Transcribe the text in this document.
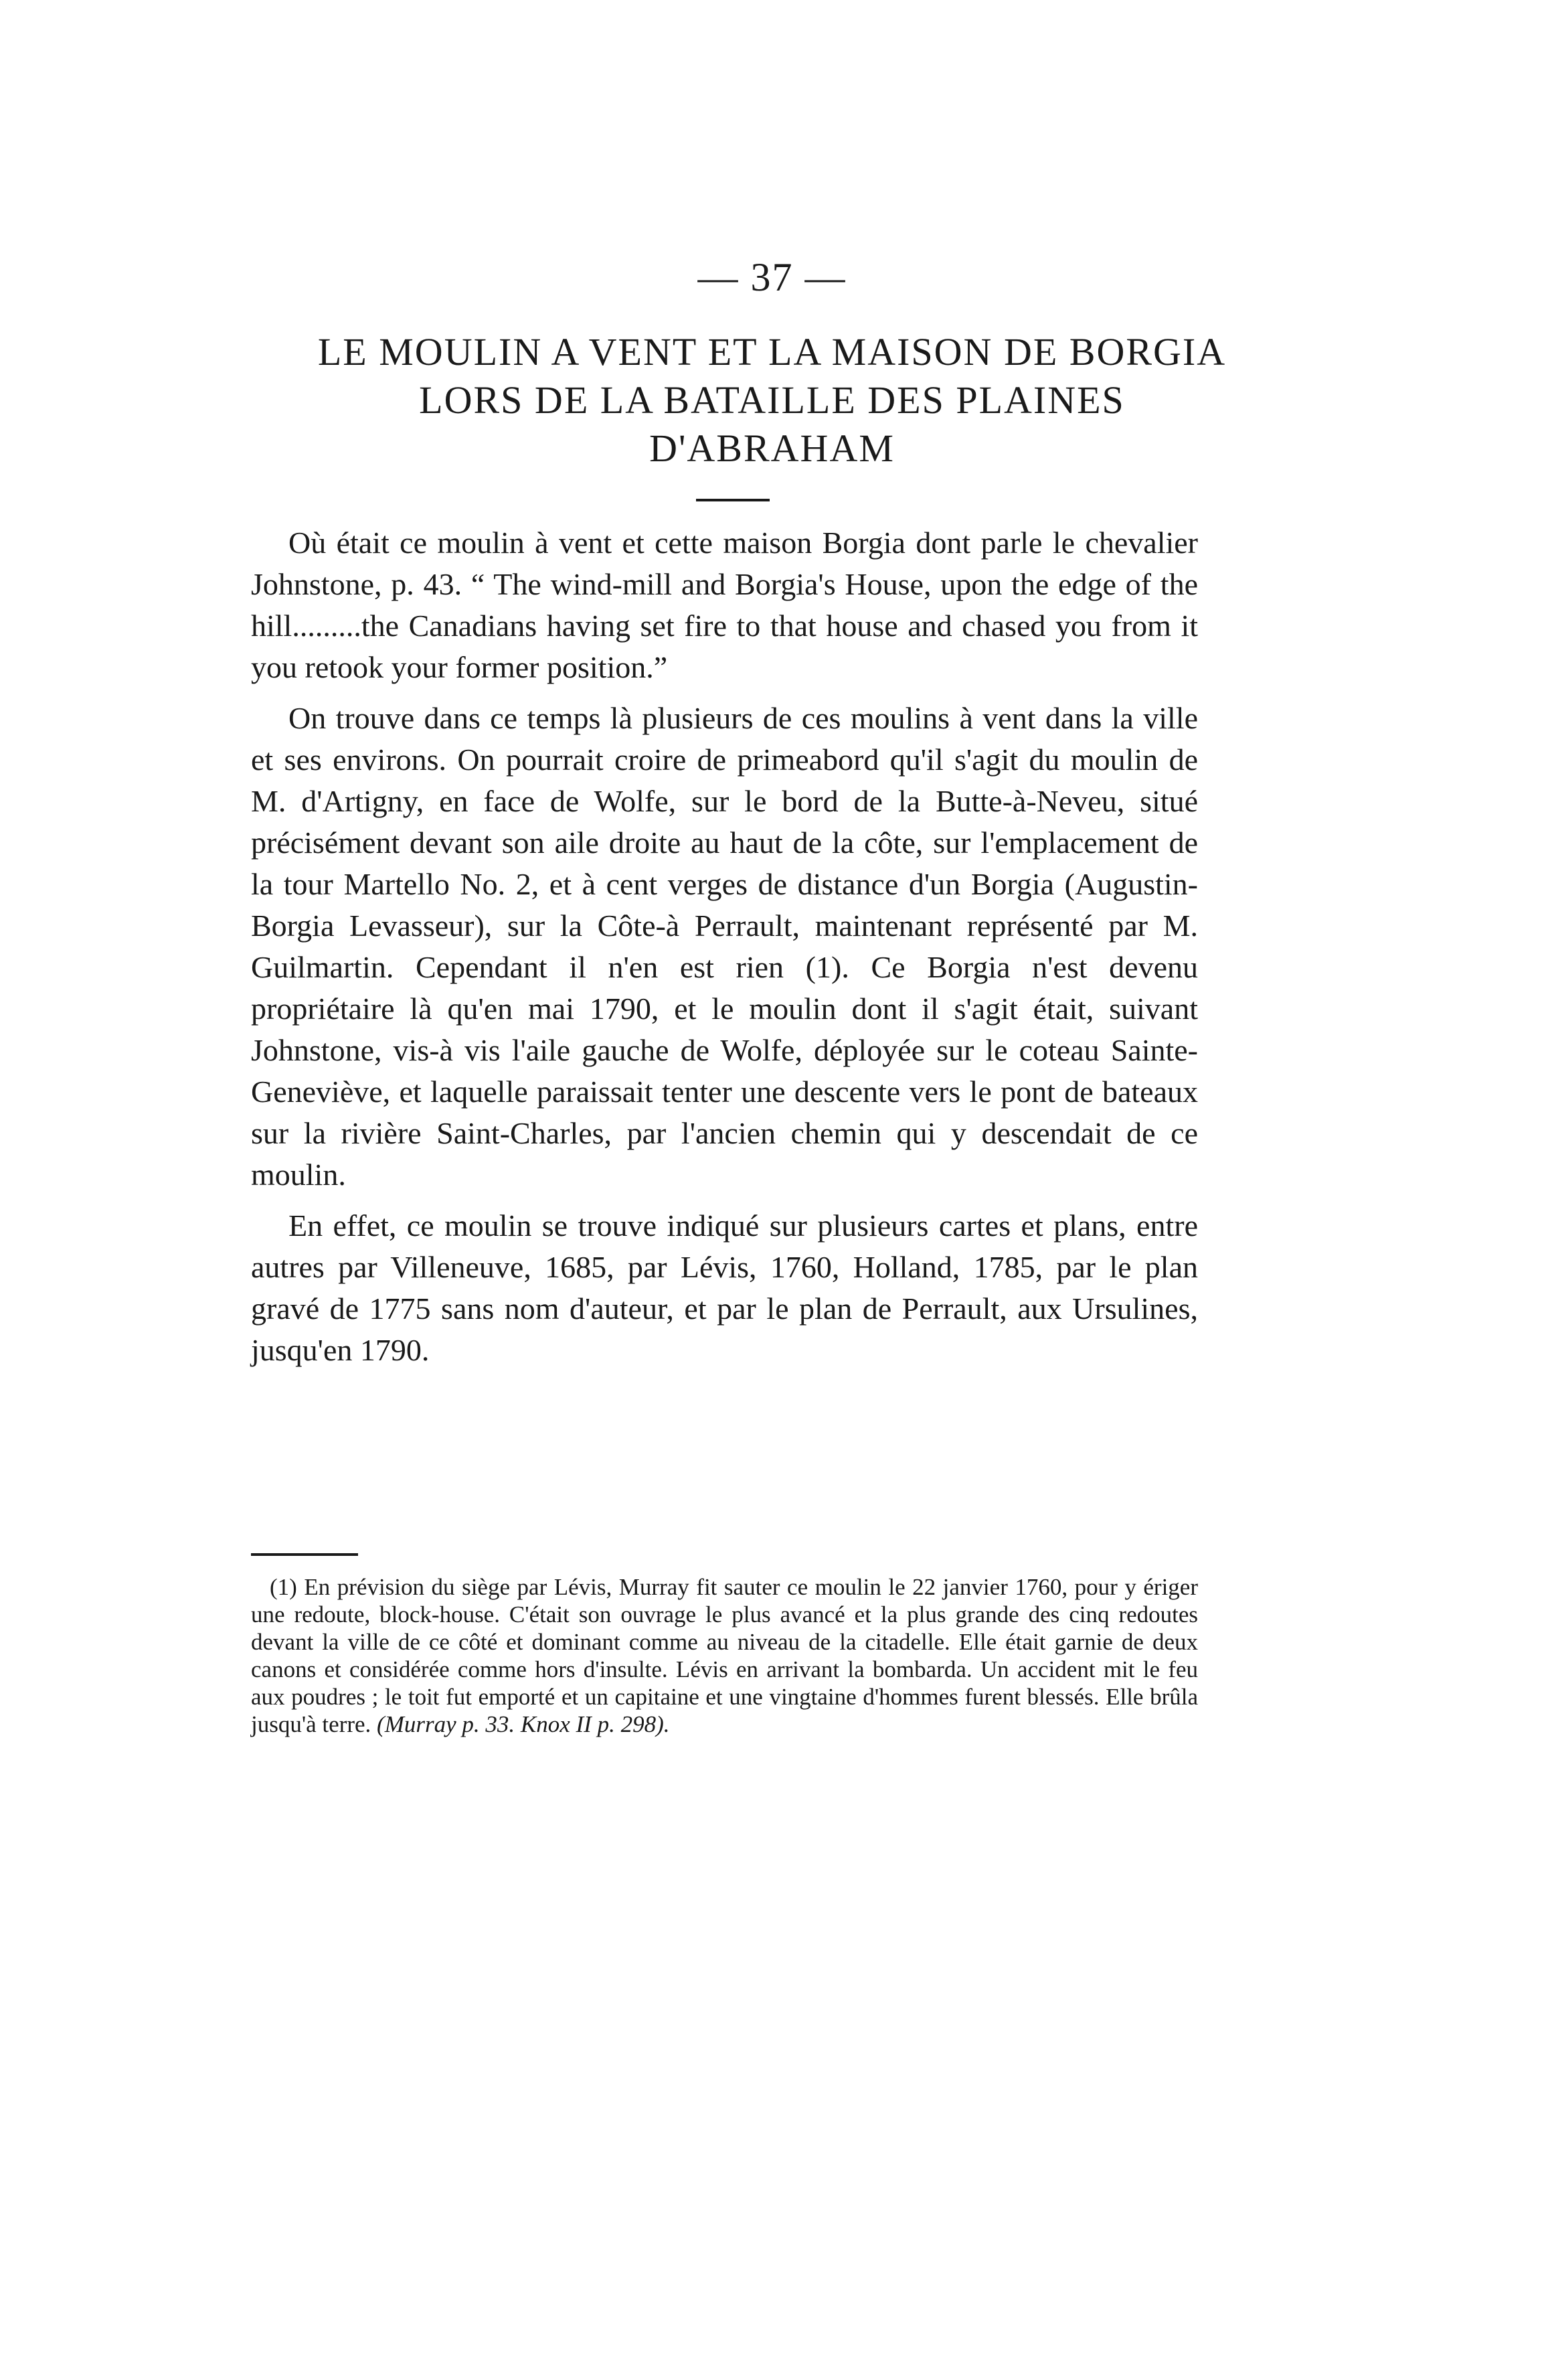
— 37 —
LE MOULIN A VENT ET LA MAISON DE BORGIA
LORS DE LA BATAILLE DES PLAINES
D'ABRAHAM

Où était ce moulin à vent et cette maison Borgia dont parle le chevalier Johnstone, p. 43. “ The wind-mill and Borgia's House, upon the edge of the hill.........the Canadians having set fire to that house and chased you from it you retook your former position.”

On trouve dans ce temps là plusieurs de ces moulins à vent dans la ville et ses environs. On pourrait croire de primeabord qu'il s'agit du moulin de M. d'Artigny, en face de Wolfe, sur le bord de la Butte-à-Neveu, situé précisément devant son aile droite au haut de la côte, sur l'emplacement de la tour Martello No. 2, et à cent verges de distance d'un Borgia (Augustin-Borgia Levasseur), sur la Côte-à Perrault, maintenant représenté par M. Guilmartin. Cependant il n'en est rien (1). Ce Borgia n'est devenu propriétaire là qu'en mai 1790, et le moulin dont il s'agit était, suivant Johnstone, vis-à vis l'aile gauche de Wolfe, déployée sur le coteau Sainte-Geneviève, et laquelle paraissait tenter une descente vers le pont de bateaux sur la rivière Saint-Charles, par l'ancien chemin qui y descendait de ce moulin.

En effet, ce moulin se trouve indiqué sur plusieurs cartes et plans, entre autres par Villeneuve, 1685, par Lévis, 1760, Holland, 1785, par le plan gravé de 1775 sans nom d'auteur, et par le plan de Perrault, aux Ursulines, jusqu'en 1790.

(1) En prévision du siège par Lévis, Murray fit sauter ce moulin le 22 janvier 1760, pour y ériger une redoute, block-house. C'était son ouvrage le plus avancé et la plus grande des cinq redoutes devant la ville de ce côté et dominant comme au niveau de la citadelle. Elle était garnie de deux canons et considérée comme hors d'insulte. Lévis en arrivant la bombarda. Un accident mit le feu aux poudres ; le toit fut emporté et un capitaine et une vingtaine d'hommes furent blessés. Elle brûla jusqu'à terre. (Murray p. 33. Knox II p. 298).
